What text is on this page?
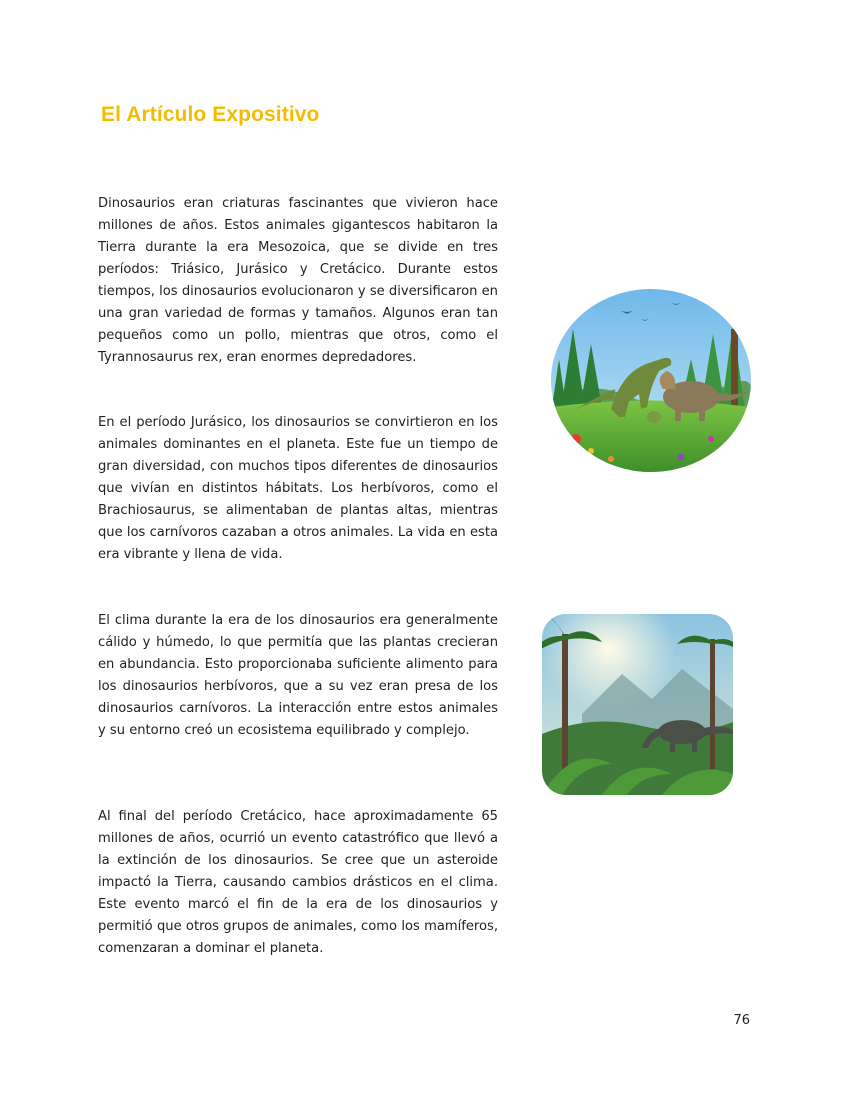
El Artículo Expositivo

Dinosaurios eran criaturas fascinantes que vivieron hace millones de años. Estos animales gigantescos habitaron la Tierra durante la era Mesozoica, que se divide en tres períodos: Triásico, Jurásico y Cretácico. Durante estos tiempos, los dinosaurios evolucionaron y se diversificaron en una gran variedad de formas y tamaños. Algunos eran tan pequeños como un pollo, mientras que otros, como el Tyrannosaurus rex, eran enormes depredadores.

En el período Jurásico, los dinosaurios se convirtieron en los animales dominantes en el planeta. Este fue un tiempo de gran diversidad, con muchos tipos diferentes de dinosaurios que vivían en distintos hábitats. Los herbívoros, como el Brachiosaurus, se alimentaban de plantas altas, mientras que los carnívoros cazaban a otros animales. La vida en esta era vibrante y llena de vida.

El clima durante la era de los dinosaurios era generalmente cálido y húmedo, lo que permitía que las plantas crecieran en abundancia. Esto proporcionaba suficiente alimento para los dinosaurios herbívoros, que a su vez eran presa de los dinosaurios carnívoros. La interacción entre estos animales y su entorno creó un ecosistema equilibrado y complejo.

Al final del período Cretácico, hace aproximadamente 65 millones de años, ocurrió un evento catastrófico que llevó a la extinción de los dinosaurios. Se cree que un asteroide impactó la Tierra, causando cambios drásticos en el clima. Este evento marcó el fin de la era de los dinosaurios y permitió que otros grupos de animales, como los mamíferos, comenzaran a dominar el planeta.

76
